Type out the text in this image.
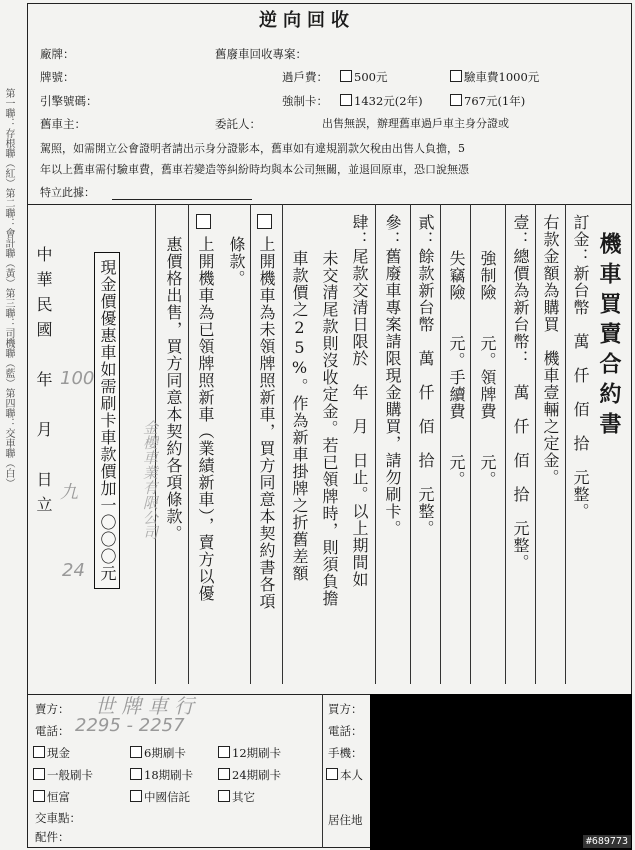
第一聯：存根聯（紅）第二聯：會計聯（黃）第三聯：司機聯（藍）第四聯：交車聯（白）
逆向回收
廠牌：	舊廢車回收專案：
牌號：	過戶費：	500元	驗車費1000元
引擎號碼：	強制卡：	1432元(2年)	767元(1年)
舊車主：	委託人：	出售無誤，辦理舊車過戶車主身分證或
駕照，如需開立公會證明者請出示身分證影本，舊車如有違規罰款欠稅由出售人負擔，5
年以上舊車需付驗車費，舊車若變造等糾紛時均與本公司無關，並退回原車，恐口說無憑
特立此據：
機車買賣合約書
訂金：新台幣　萬　仟　佰　拾　元整。
右款金額為購買　機車壹輛之定金。
壹：總價為新台幣：　萬　仟　佰　拾　元整。
強制險　　元。領牌費　　元。
失竊險　　元。手續費　　元。
貳：餘款新台幣　萬　仟　佰　拾　元整。
參：舊廢車專案請限現金購買，請勿刷卡。
肆：尾款交清日限於　年　月　日止。以上期間如
未交清尾款則沒收定金。若已領牌時，則須負擔
車款價之25%。作為新車掛牌之折舊差額
上開機車為未領牌照新車，買方同意本契約書各項
條款。
上開機車為已領牌照新車（業績新車），賣方以優
惠價格出售，買方同意本契約各項條款。
現金價優惠車如需刷卡車款價加一〇〇〇元
中華民國　年　月　日立 100
九
24
金櫻車業有限公司
賣方： 世 牌 車 行
電話： 2295 - 2257
現金	6期刷卡	12期刷卡
一般刷卡	18期刷卡	24期刷卡
恒富	中國信託	其它
交車點：
配件：
買方：
電話：
手機：
本人
居住地
#689773
